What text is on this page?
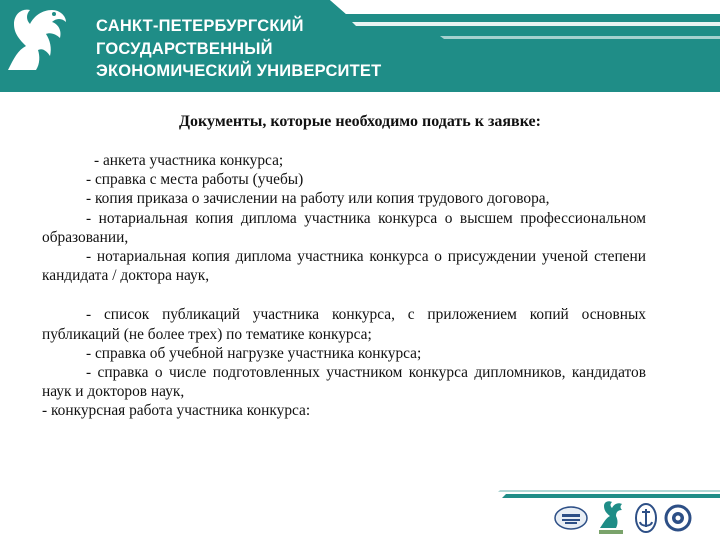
САНКТ-ПЕТЕРБУРГСКИЙ
ГОСУДАРСТВЕННЫЙ
ЭКОНОМИЧЕСКИЙ УНИВЕРСИТЕТ
Документы, которые необходимо подать к заявке:

- анкета участника конкурса;

- справка с места работы (учебы)

- копия приказа о зачислении на работу или копия трудового договора,

- нотариальная копия диплома участника конкурса о высшем профессиональном образовании,

- нотариальная копия диплома участника конкурса о присуждении ученой степени кандидата / доктора наук,

- список публикаций участника конкурса, с приложением копий основных публикаций (не более трех) по тематике конкурса;

- справка об учебной нагрузке участника конкурса;

- справка о числе подготовленных участником конкурса дипломников, кандидатов наук и докторов наук,

- конкурсная работа участника конкурса:
